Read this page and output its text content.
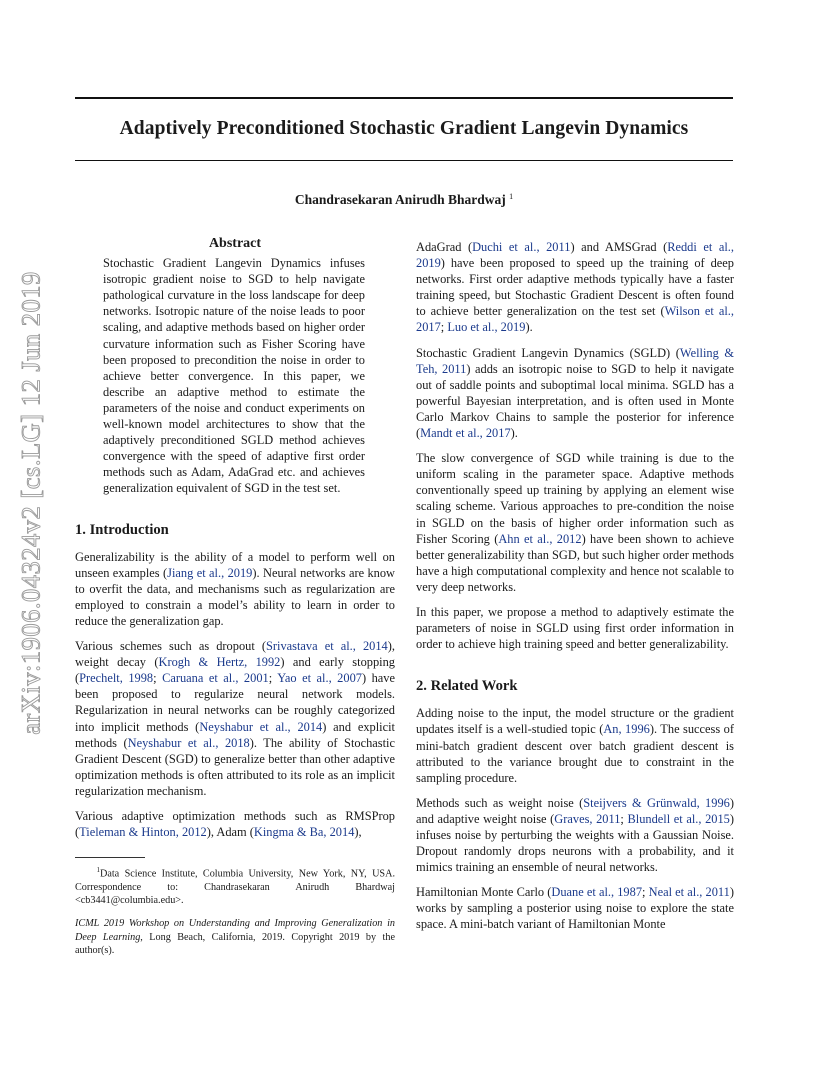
Adaptively Preconditioned Stochastic Gradient Langevin Dynamics
Chandrasekaran Anirudh Bhardwaj $^1$
arXiv:1906.04324v2 [cs.LG] 12 Jun 2019
Abstract

Stochastic Gradient Langevin Dynamics infuses isotropic gradient noise to SGD to help navigate pathological curvature in the loss landscape for deep networks. Isotropic nature of the noise leads to poor scaling, and adaptive methods based on higher order curvature information such as Fisher Scoring have been proposed to precondition the noise in order to achieve better convergence. In this paper, we describe an adaptive method to estimate the parameters of the noise and conduct experiments on well-known model architectures to show that the adaptively preconditioned SGLD method achieves convergence with the speed of adaptive first order methods such as Adam, AdaGrad etc. and achieves generalization equivalent of SGD in the test set.

1. Introduction

Generalizability is the ability of a model to perform well on unseen examples (Jiang et al., 2019). Neural networks are know to overfit the data, and mechanisms such as regularization are employed to constrain a model’s ability to learn in order to reduce the generalization gap.

Various schemes such as dropout (Srivastava et al., 2014), weight decay (Krogh & Hertz, 1992) and early stopping (Prechelt, 1998; Caruana et al., 2001; Yao et al., 2007) have been proposed to regularize neural network models. Regularization in neural networks can be roughly categorized into implicit methods (Neyshabur et al., 2014) and explicit methods (Neyshabur et al., 2018). The ability of Stochastic Gradient Descent (SGD) to generalize better than other adaptive optimization methods is often attributed to its role as an implicit regularization mechanism.

Various adaptive optimization methods such as RMSProp (Tieleman & Hinton, 2012), Adam (Kingma & Ba, 2014),

$^1$Data Science Institute, Columbia University, New York, NY, USA. Correspondence to: Chandrasekaran Anirudh Bhardwaj <cb3441@columbia.edu>.

ICML 2019 Workshop on Understanding and Improving Generalization in Deep Learning, Long Beach, California, 2019. Copyright 2019 by the author(s).

AdaGrad (Duchi et al., 2011) and AMSGrad (Reddi et al., 2019) have been proposed to speed up the training of deep networks. First order adaptive methods typically have a faster training speed, but Stochastic Gradient Descent is often found to achieve better generalization on the test set (Wilson et al., 2017; Luo et al., 2019).

Stochastic Gradient Langevin Dynamics (SGLD) (Welling & Teh, 2011) adds an isotropic noise to SGD to help it navigate out of saddle points and suboptimal local minima. SGLD has a powerful Bayesian interpretation, and is often used in Monte Carlo Markov Chains to sample the posterior for inference (Mandt et al., 2017).

The slow convergence of SGD while training is due to the uniform scaling in the parameter space. Adaptive methods conventionally speed up training by applying an element wise scaling scheme. Various approaches to pre-condition the noise in SGLD on the basis of higher order information such as Fisher Scoring (Ahn et al., 2012) have been shown to achieve better generalizability than SGD, but such higher order methods have a high computational complexity and hence not scalable to very deep networks.

In this paper, we propose a method to adaptively estimate the parameters of noise in SGLD using first order information in order to achieve high training speed and better generalizability.

2. Related Work

Adding noise to the input, the model structure or the gradient updates itself is a well-studied topic (An, 1996). The success of mini-batch gradient descent over batch gradient descent is attributed to the variance brought due to constraint in the sampling procedure.

Methods such as weight noise (Steijvers & Grünwald, 1996) and adaptive weight noise (Graves, 2011; Blundell et al., 2015) infuses noise by perturbing the weights with a Gaussian Noise. Dropout randomly drops neurons with a probability, and it mimics training an ensemble of neural networks.

Hamiltonian Monte Carlo (Duane et al., 1987; Neal et al., 2011) works by sampling a posterior using noise to explore the state space. A mini-batch variant of Hamiltonian Monte
